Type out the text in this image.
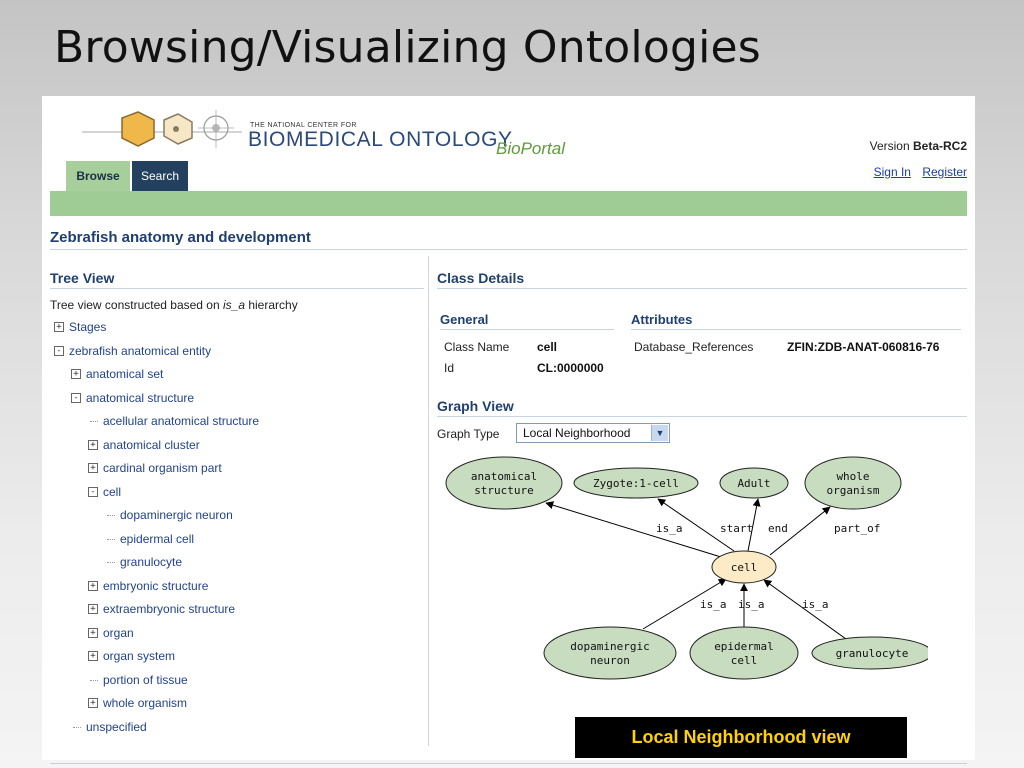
Browsing/Visualizing Ontologies
THE NATIONAL CENTER FOR
BIOMEDICAL ONTOLOGY
BioPortal	Version Beta-RC2
Sign In Register
Browse	Search
Zebrafish anatomy and development
Tree View
Tree view constructed based on is_a hierarchy
+ Stages
- zebrafish anatomical entity
+ anatomical set
- anatomical structure
acellular anatomical structure
+ anatomical cluster
+ cardinal organism part
- cell
dopaminergic neuron
epidermal cell
granulocyte
+ embryonic structure
+ extraembryonic structure
+ organ
+ organ system
portion of tissue
+ whole organism
unspecified
Class Details
General	Attributes
Class Name cell
Id	CL:0000000
Database_References	ZFIN:ZDB-ANAT-060816-76
Graph View
Graph Type Local Neighborhood	▼
is_a	start end	part_of
is_a is_a	is_a
anatomical
structure
Zygote:1-cell	Adult
whole
organism
cell
dopaminergic
neuron
epidermal
cell
granulocyte
Local Neighborhood view
